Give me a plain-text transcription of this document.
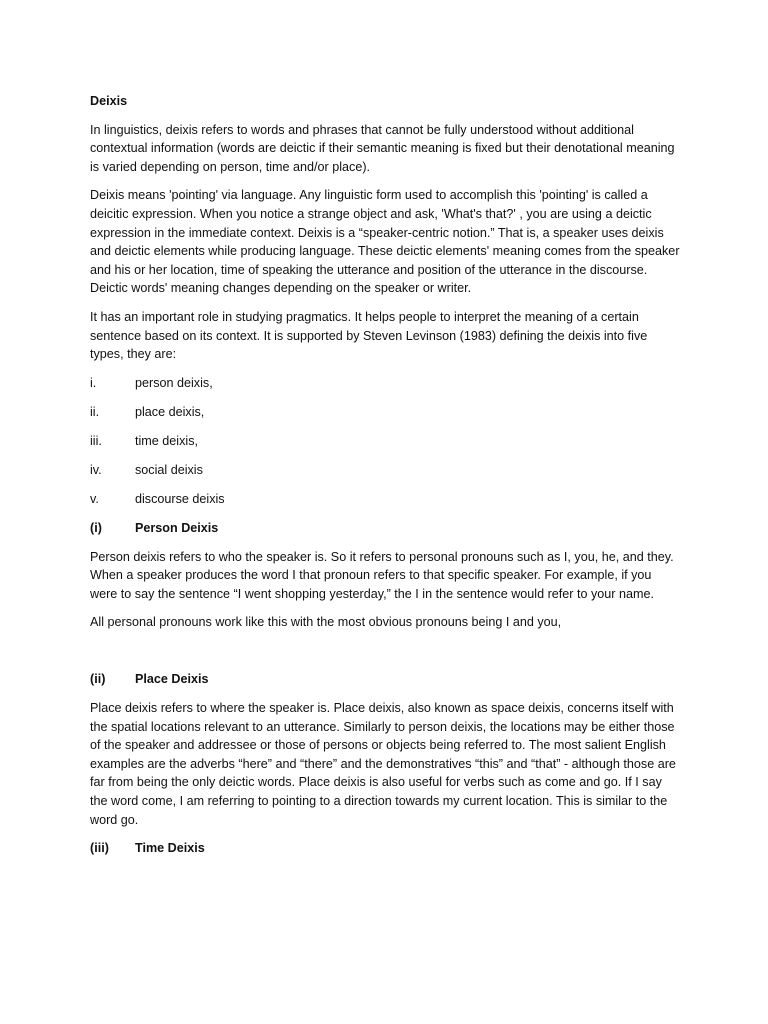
Deixis

In linguistics, deixis refers to words and phrases that cannot be fully understood without additional contextual information (words are deictic if their semantic meaning is fixed but their denotational meaning is varied depending on person, time and/or place).

Deixis means 'pointing' via language. Any linguistic form used to accomplish this 'pointing' is called a deicitic expression. When you notice a strange object and ask, 'What's that?' , you are using a deictic expression in the immediate context. Deixis is a “speaker-centric notion.” That is, a speaker uses deixis and deictic elements while producing language. These deictic elements' meaning comes from the speaker and his or her location, time of speaking the utterance and position of the utterance in the discourse. Deictic words' meaning changes depending on the speaker or writer.

It has an important role in studying pragmatics. It helps people to interpret the meaning of a certain sentence based on its context. It is supported by Steven Levinson (1983) defining the deixis into five types, they are:

i.	person deixis,
ii.	place deixis,
iii.	time deixis,
iv.	social deixis
v.	discourse deixis
(i)	Person Deixis

Person deixis refers to who the speaker is. So it refers to personal pronouns such as I, you, he, and they. When a speaker produces the word I that pronoun refers to that specific speaker. For example, if you were to say the sentence “I went shopping yesterday,” the I in the sentence would refer to your name.

All personal pronouns work like this with the most obvious pronouns being I and you,

(ii)	Place Deixis

Place deixis refers to where the speaker is. Place deixis, also known as space deixis, concerns itself with the spatial locations relevant to an utterance. Similarly to person deixis, the locations may be either those of the speaker and addressee or those of persons or objects being referred to. The most salient English examples are the adverbs “here” and “there” and the demonstratives “this” and “that” - although those are far from being the only deictic words. Place deixis is also useful for verbs such as come and go. If I say the word come, I am referring to pointing to a direction towards my current location. This is similar to the word go.

(iii)	Time Deixis
